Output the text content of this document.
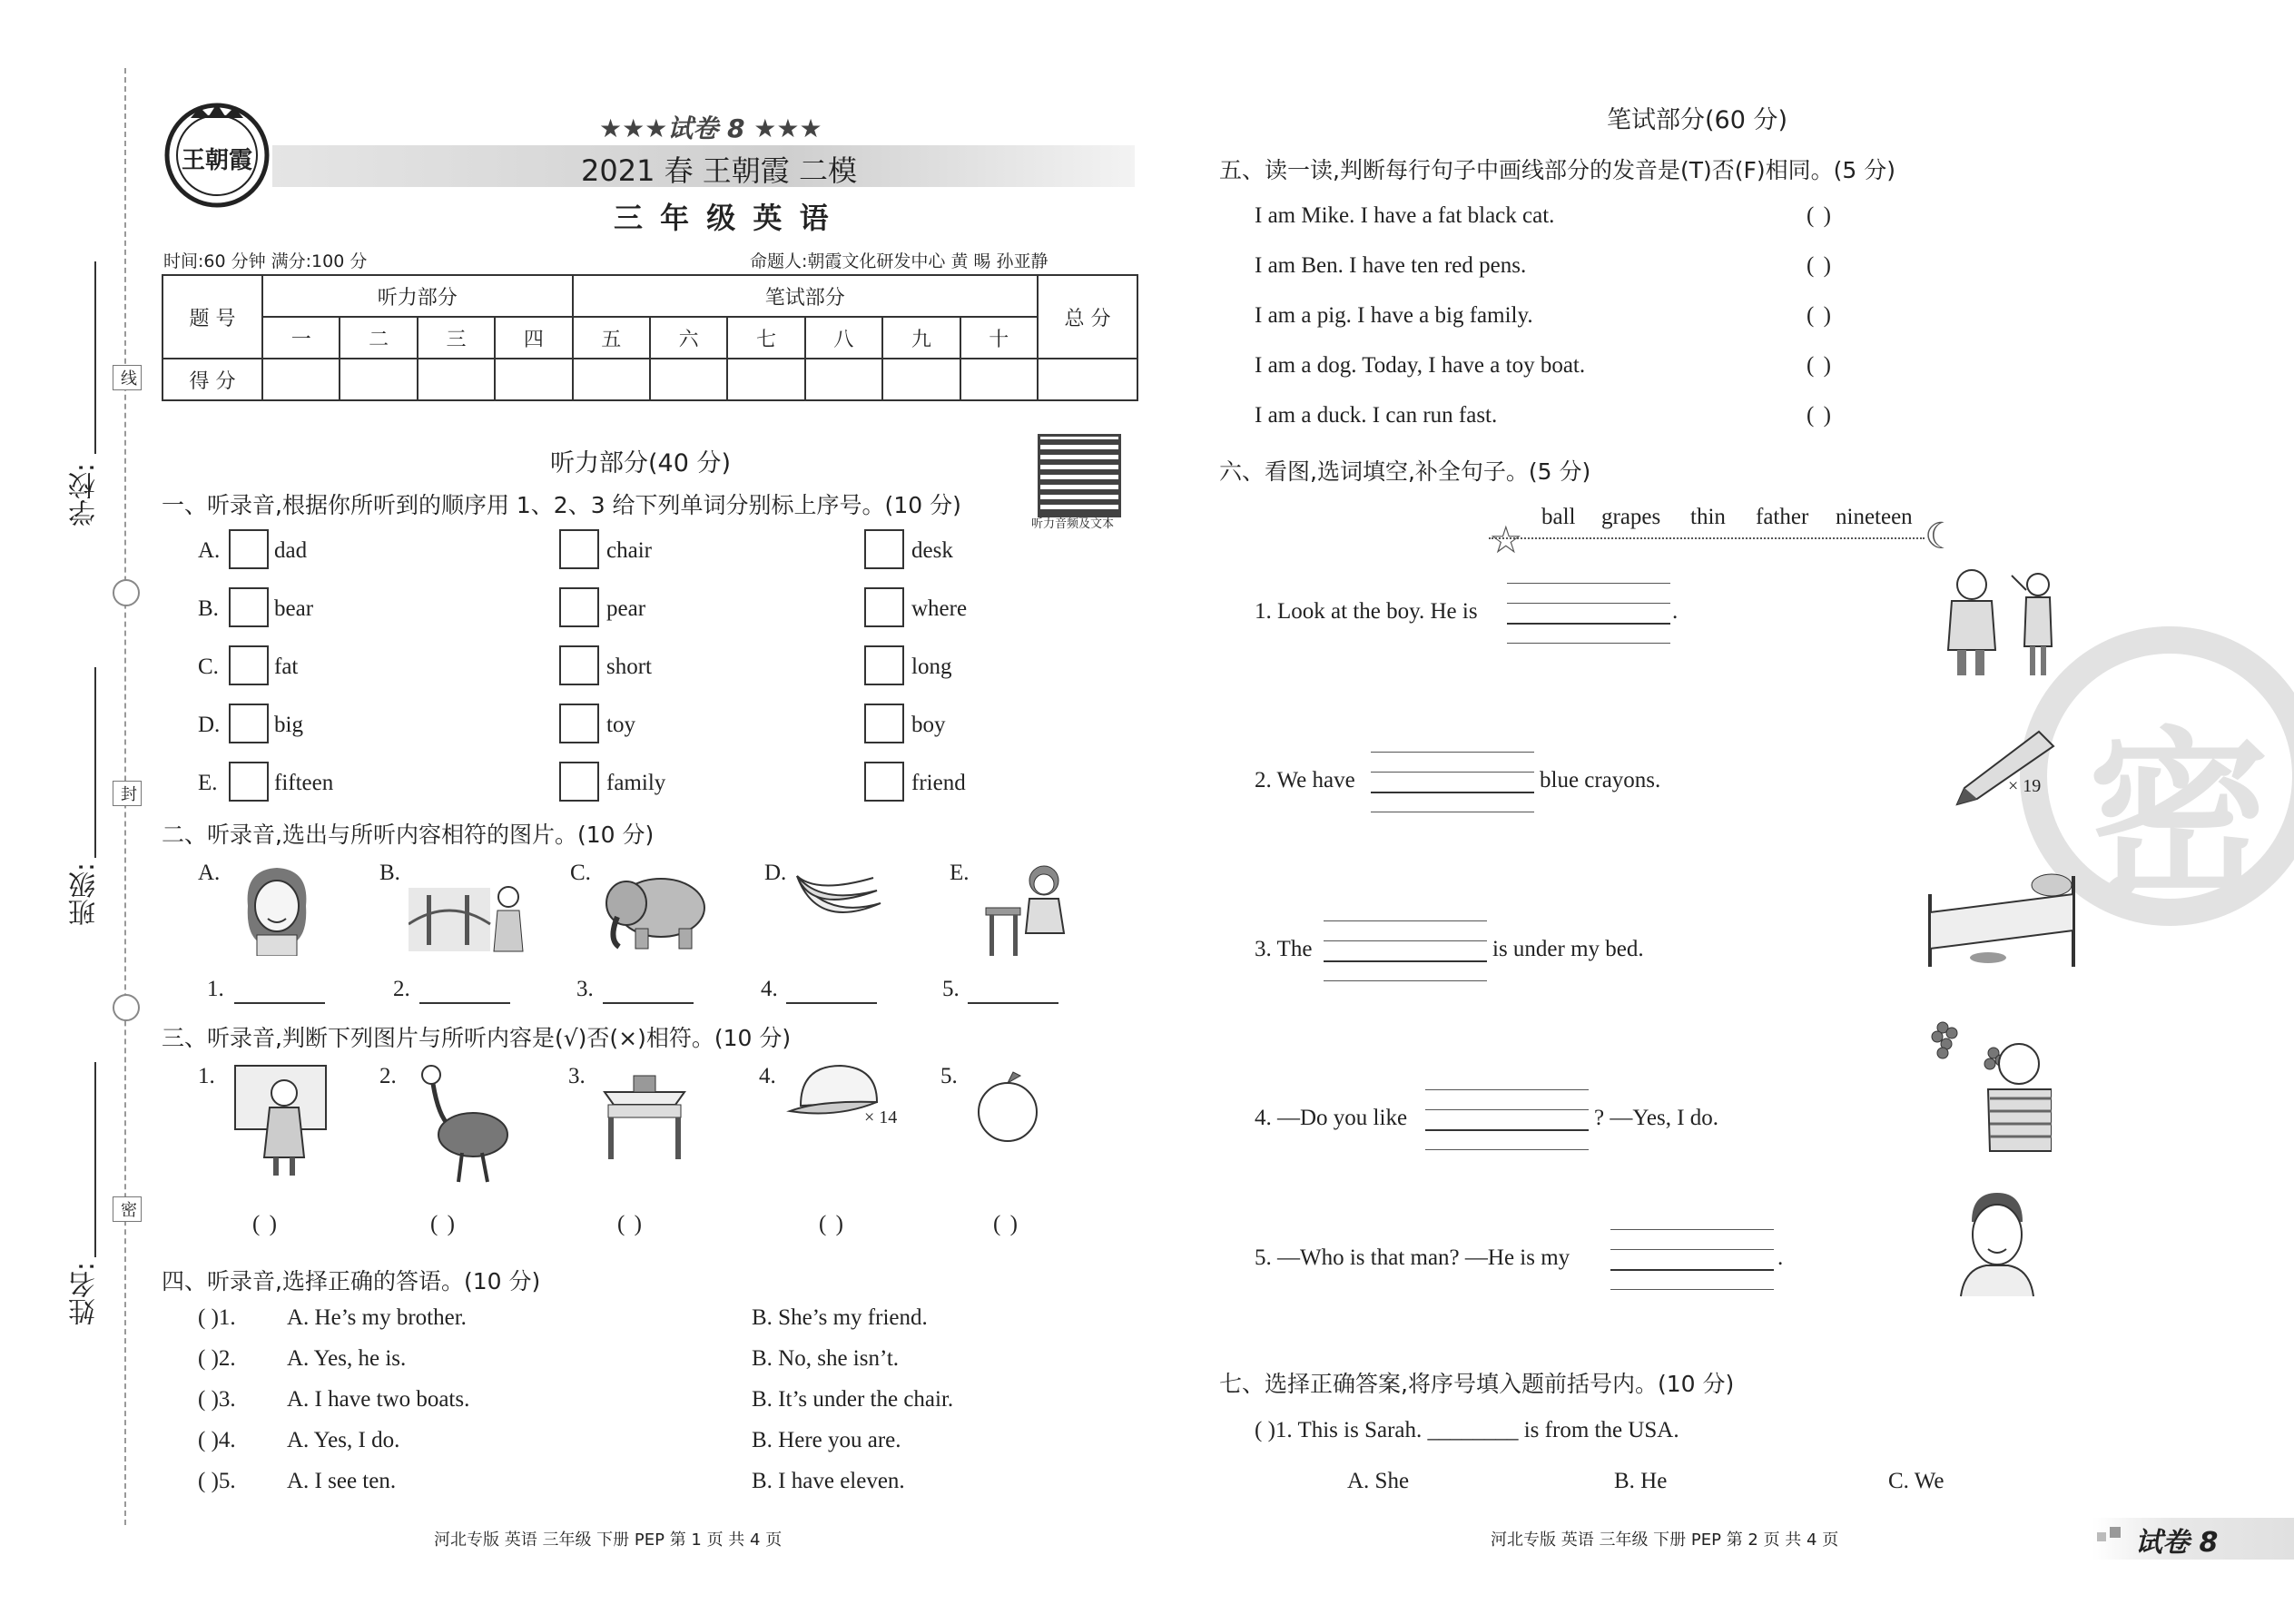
线
封
密
学校:
班级:
姓名:
王朝霞
★★★试卷 8 ★★★
2021 春 王朝霞 二模
三 年 级 英 语
时间:60 分钟 满分:100 分	命题人:朝霞文化研发中心 黄 晹 孙亚静
题 号	听力部分				笔试部分						总 分
	一	二	三	四	五	六	七	八	九	十	
得 分											
听力部分(40 分)
听力音频及文本
一、听录音,根据你所听到的顺序用 1、2、3 给下列单词分别标上序号。(10 分)
A. dad	chair	desk
B. bear	pear	where
C. fat	short	long
D. big	toy	boy
E. fifteen	family	friend
二、听录音,选出与所听内容相符的图片。(10 分)
A.	B.	C.	D.	E.
1.	2.	3.	4.	5.
三、听录音,判断下列图片与所听内容是(√)否(×)相符。(10 分)
1.	2.	3.	4.
× 14
5.
( )	( )	( )	( )	( )
四、听录音,选择正确的答语。(10 分)
( )1. A. He’s my brother.	B. She’s my friend.
( )2. A. Yes, he is.	B. No, she isn’t.
( )3. A. I have two boats.	B. It’s under the chair.
( )4. A. Yes, I do.	B. Here you are.
( )5. A. I see ten.	B. I have eleven.
河北专版 英语 三年级 下册 PEP 第 1 页 共 4 页
笔试部分(60 分)
密
五、读一读,判断每行句子中画线部分的发音是(T)否(F)相同。(5 分)
I am Mike. I have a fat black cat.	( )
I am Ben. I have ten red pens.	( )
I am a pig. I have a big family.	( )
I am a dog. Today, I have a toy boat.	( )
I am a duck. I can run fast.	( )
六、看图,选词填空,补全句子。(5 分)
☆	☾
ball grapes thin father nineteen
1. Look at the boy. He is	.
2. We have	blue crayons.
3. The	is under my bed.
4. —Do you like	? —Yes, I do.
5. —Who is that man? —He is my	.
× 19
七、选择正确答案,将序号填入题前括号内。(10 分)
( )1. This is Sarah. ________ is from the USA.
A. She	B. He	C. We
河北专版 英语 三年级 下册 PEP 第 2 页 共 4 页	试卷 8
